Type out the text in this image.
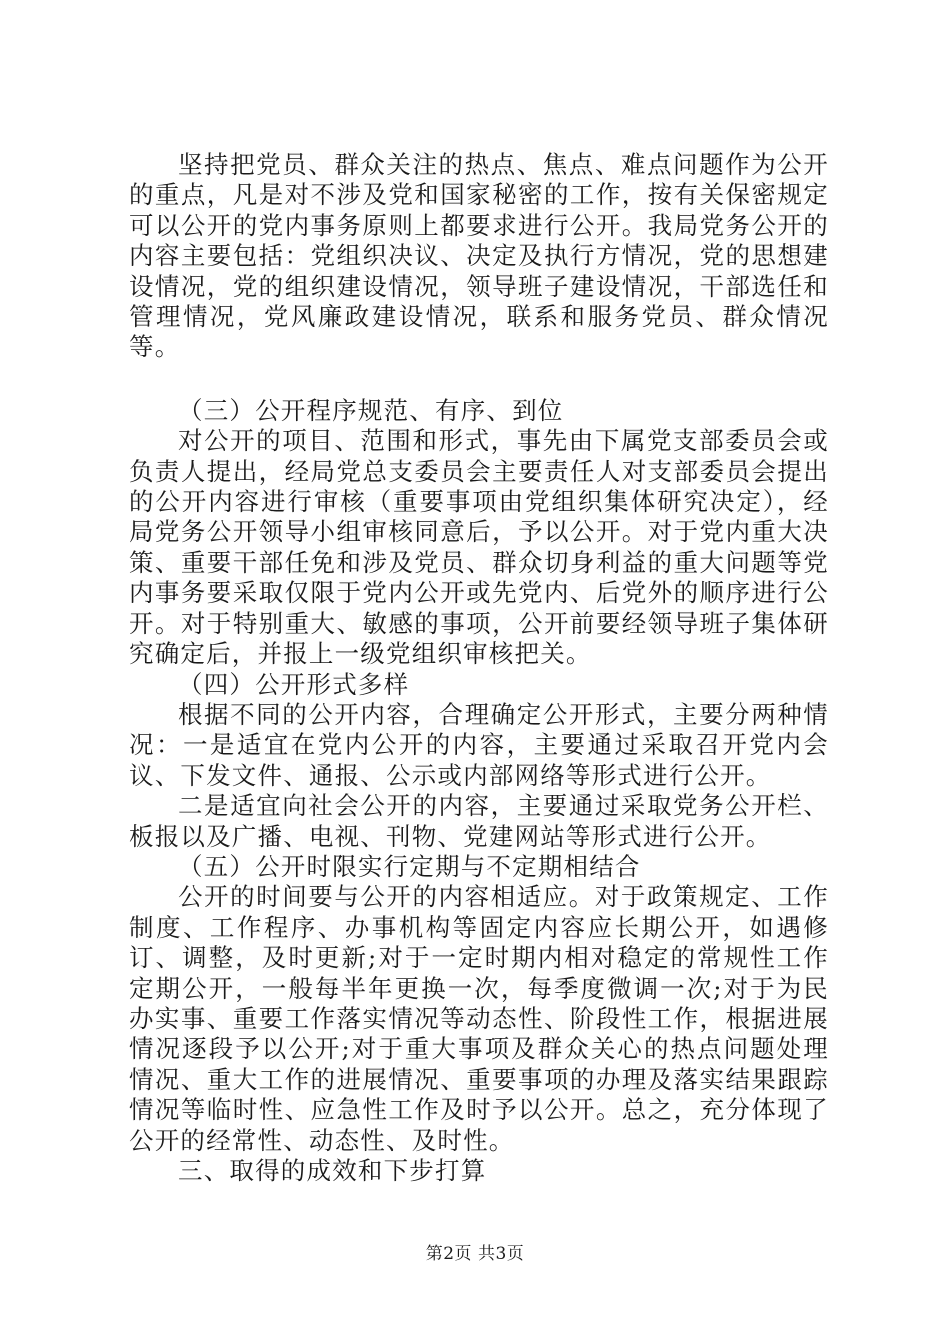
坚持把党员、群众关注的热点、焦点、难点问题作为公开的重点，凡是对不涉及党和国家秘密的工作，按有关保密规定可以公开的党内事务原则上都要求进行公开。我局党务公开的内容主要包括：党组织决议、决定及执行方情况，党的思想建设情况，党的组织建设情况，领导班子建设情况，干部选任和管理情况，党风廉政建设情况，联系和服务党员、群众情况等。

（三）公开程序规范、有序、到位

对公开的项目、范围和形式，事先由下属党支部委员会或负责人提出，经局党总支委员会主要责任人对支部委员会提出的公开内容进行审核（重要事项由党组织集体研究决定），经局党务公开领导小组审核同意后，予以公开。对于党内重大决策、重要干部任免和涉及党员、群众切身利益的重大问题等党内事务要采取仅限于党内公开或先党内、后党外的顺序进行公开。对于特别重大、敏感的事项，公开前要经领导班子集体研究确定后，并报上一级党组织审核把关。

（四）公开形式多样

根据不同的公开内容，合理确定公开形式，主要分两种情况：一是适宜在党内公开的内容，主要通过采取召开党内会议、下发文件、通报、公示或内部网络等形式进行公开。

二是适宜向社会公开的内容，主要通过采取党务公开栏、板报以及广播、电视、刊物、党建网站等形式进行公开。

（五）公开时限实行定期与不定期相结合

公开的时间要与公开的内容相适应。对于政策规定、工作制度、工作程序、办事机构等固定内容应长期公开，如遇修订、调整，及时更新;对于一定时期内相对稳定的常规性工作定期公开，一般每半年更换一次，每季度微调一次;对于为民办实事、重要工作落实情况等动态性、阶段性工作，根据进展情况逐段予以公开;对于重大事项及群众关心的热点问题处理情况、重大工作的进展情况、重要事项的办理及落实结果跟踪情况等临时性、应急性工作及时予以公开。总之，充分体现了公开的经常性、动态性、及时性。

三、取得的成效和下步打算

第2页 共3页
